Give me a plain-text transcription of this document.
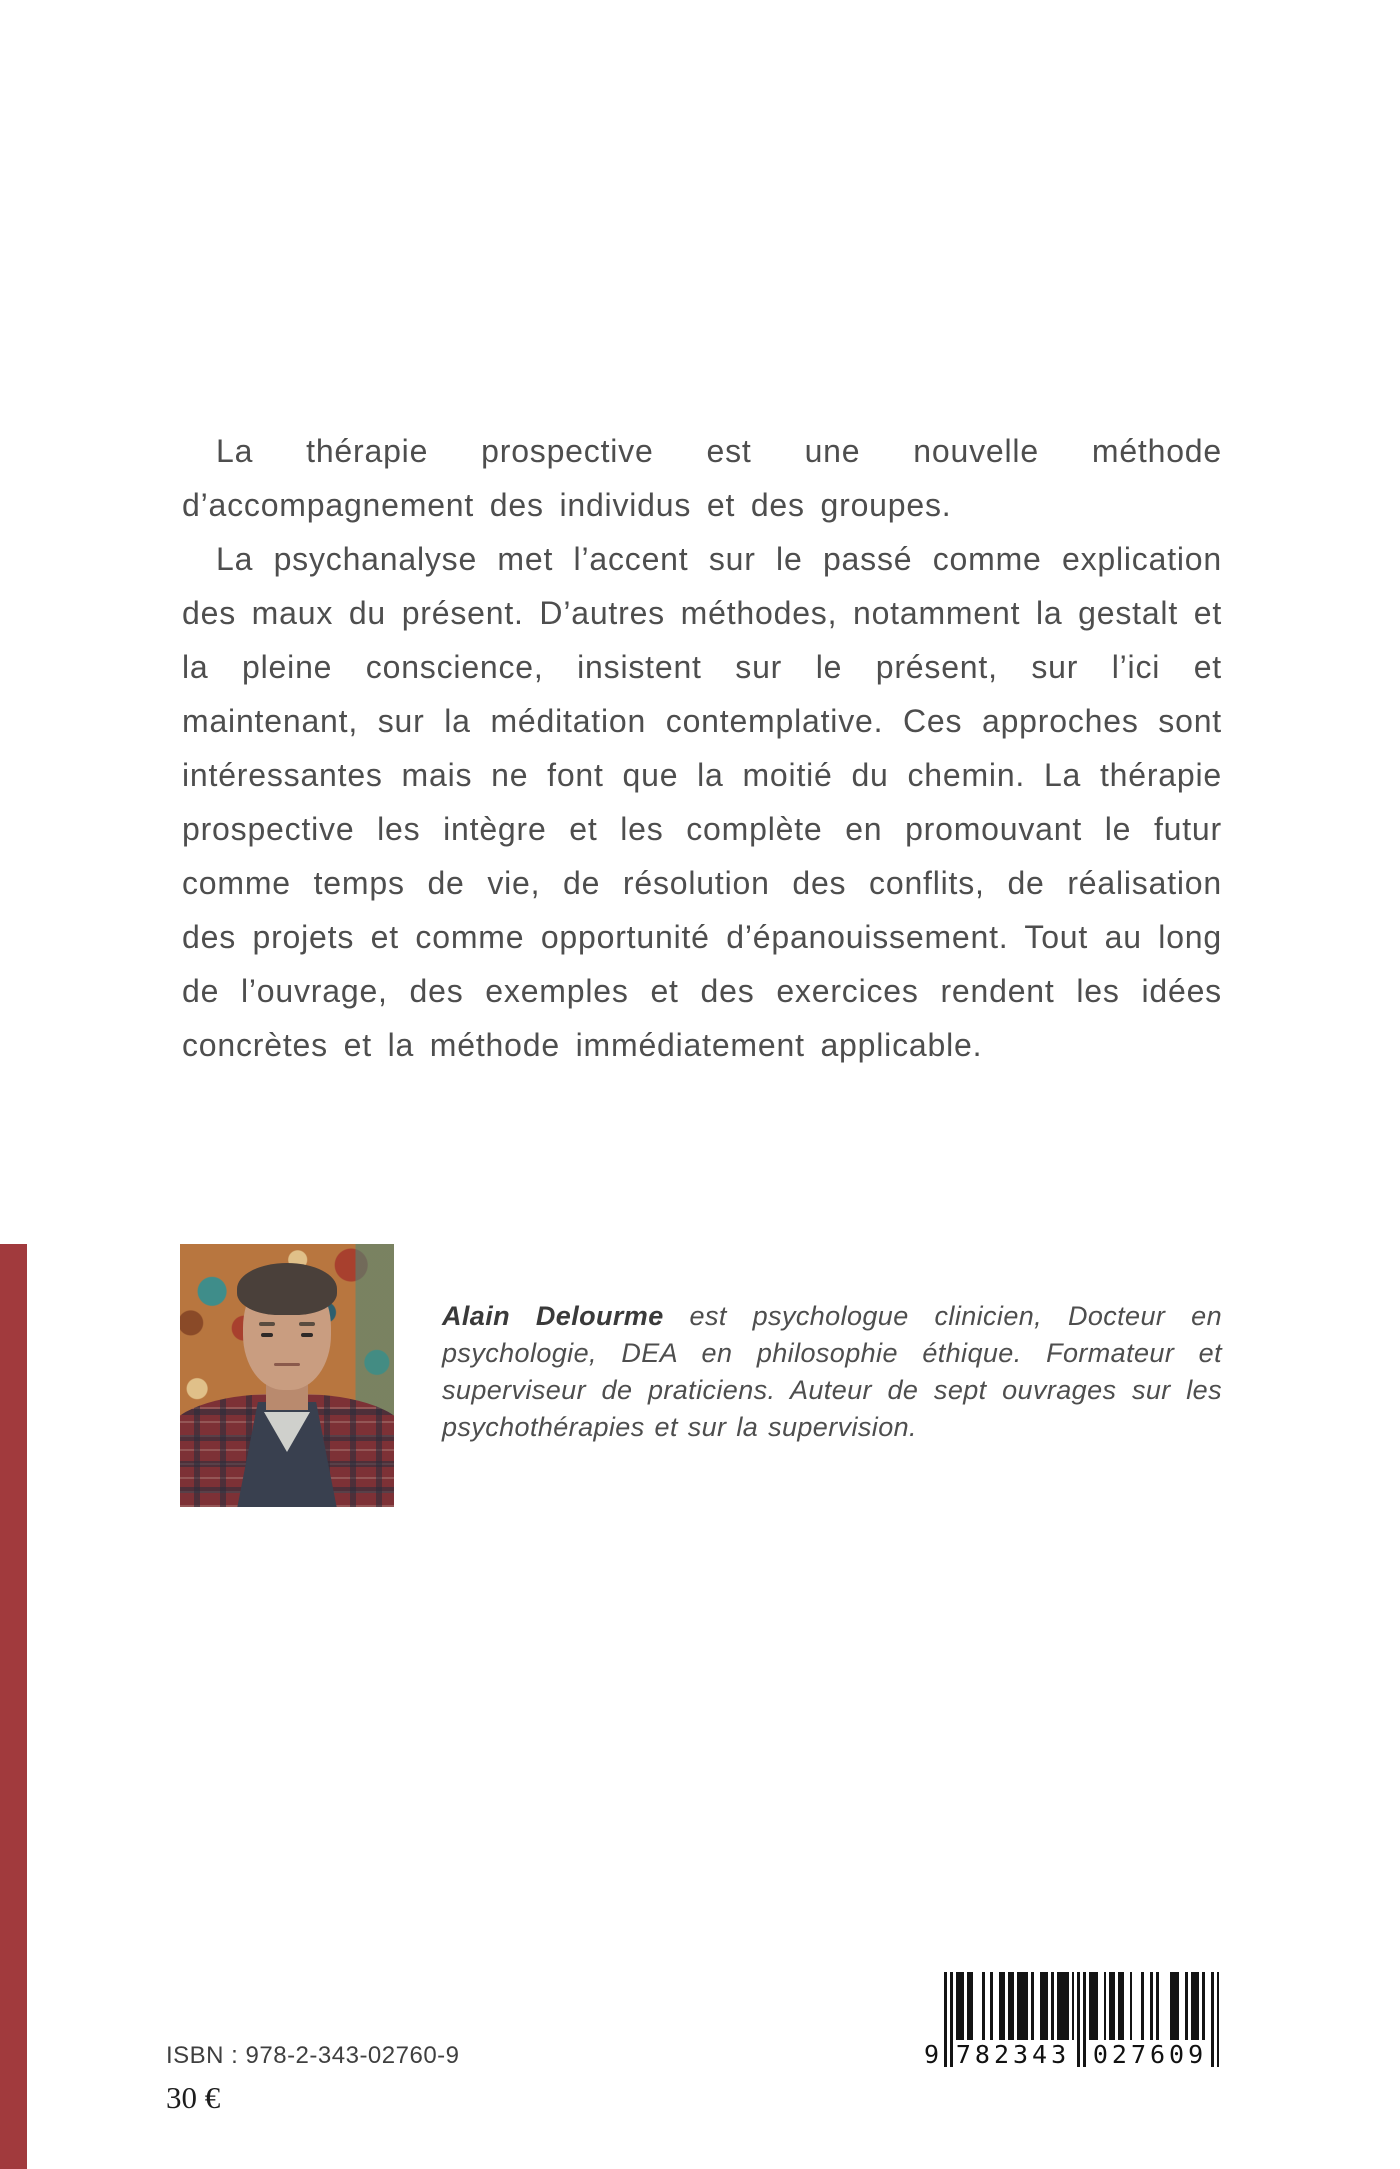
La thérapie prospective est une nouvelle méthode d’accompagnement des individus et des groupes.

La psychanalyse met l’accent sur le passé comme explication des maux du présent. D’autres méthodes, notamment la gestalt et la pleine conscience, insistent sur le présent, sur l’ici et maintenant, sur la méditation contemplative. Ces approches sont intéressantes mais ne font que la moitié du chemin. La thérapie prospective les intègre et les complète en promouvant le futur comme temps de vie, de résolution des conflits, de réalisation des projets et comme opportunité d’épanouissement. Tout au long de l’ouvrage, des exemples et des exercices rendent les idées concrètes et la méthode immédiatement applicable.

Alain Delourme est psychologue clinicien, Docteur en psychologie, DEA en philosophie éthique. Formateur et superviseur de praticiens. Auteur de sept ouvrages sur les psychothérapies et sur la supervision.

ISBN : 978-2-343-02760-9
30 €
9 782343 027609
